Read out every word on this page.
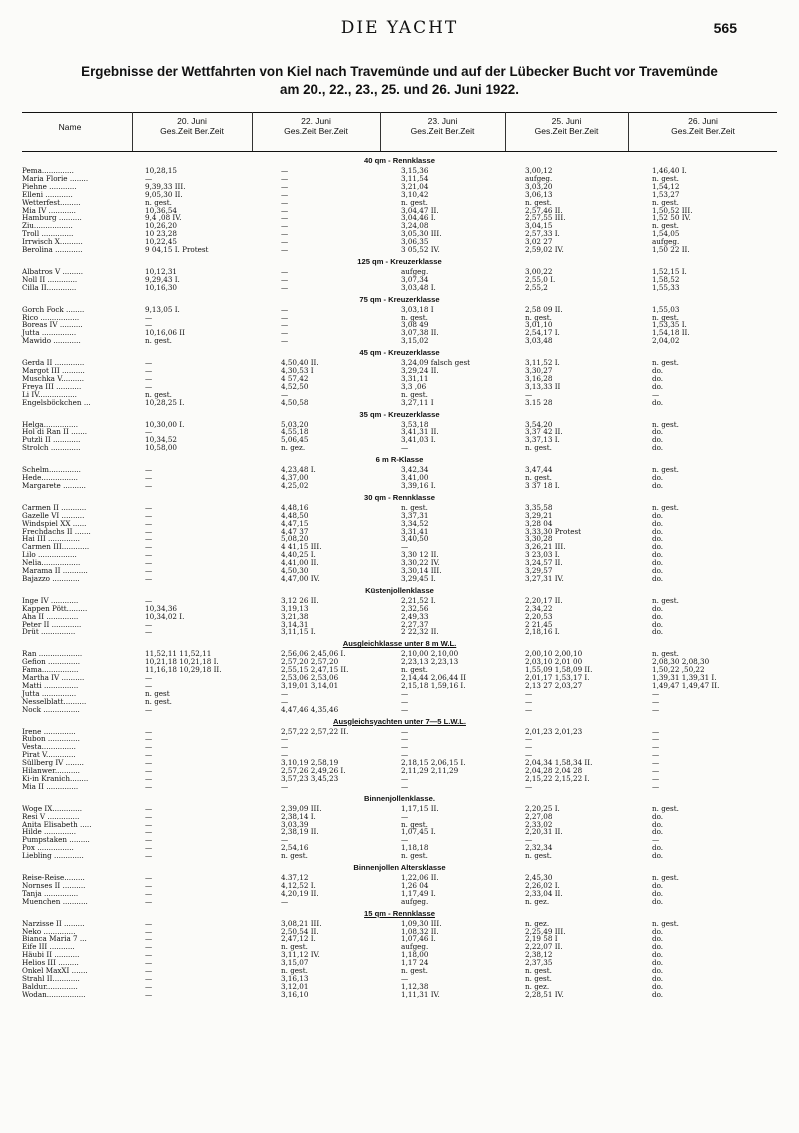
DIE YACHT	565
Ergebnisse der Wettfahrten von Kiel nach Travemünde und auf der Lübecker Bucht vor Travemünde
am 20., 22., 23., 25. und 26. Juni 1922.
Name
20. Juni
Ges.Zeit Ber.Zeit
22. Juni
Ges.Zeit Ber.Zeit
23. Juni
Ges.Zeit Ber.Zeit
25. Juni
Ges.Zeit Ber.Zeit
26. Juni
Ges.Zeit Ber.Zeit
40 qm - Rennklasse
Pema..............	10,28,15	—	3,15,36	3,00,12	1,46,40 I.
Maria Florie ........	—	—	3,11,54	aufgeg.	n. gest.
Piehne ............	9,39,33 III.	—	3,21,04	3,03,20	1,54,12
Elleni ............	9,05,30 II.	—	3,10,42	3,06,13	1,53,27
Wetterfest.........	n. gest.	—	n. gest.	n. gest.	n. gest.
Mia IV ............	10,36,54	—	3,04,47 II.	2,57,46 II.	1,50,52 III.
Hamburg ..........	9,4 ,08 IV.	—	3,04,46 I.	2,57,55 III.	1,52 50 IV.
Ziu.................	10,26,20	—	3,24,08	3,04,15	n. gest.
Troll ..............	10 23,28	—	3,05,30 III.	2,57,33 I.	1,54,05
Irrwisch X..........	10,22,45	—	3,06,35	3,02 27	aufgeg.
Berolina ............	9 04,15 I. Protest	—	3 05,52 IV.	2,59,02 IV.	1,50 22 II.
125 qm - Kreuzerklasse
Albatros V .........	10,12,31	—	aufgeg.	3,00,22	1,52,15 I.
Noll II .............	9,29,43 I.	—	3,07,34	2,55,0 I.	1,58,52
Cilla II.............	10,16,30	—	3,03,48 I.	2,55,2	1,55,33
75 qm - Kreuzerklasse
Gorch Fock ........	9,13,05 I.	—	3,03,18 I	2,58 09 II.	1,55,03
Rico .................	—	—	n. gest.	n. gest.	n. gest.
Boreas IV ..........	—	—	3,08 49	3,01,10	1,53,35 I.
Jutta ...............	10,16,06 II	—	3,07,38 II.	2,54,17 I.	1,54,18 II.
Mawido ............	n. gest.	—	3,15,02	3,03,48	2,04,02
45 qm - Kreuzerklasse
Gerda II .............	—	4,50,40 II.	3,24,09 falsch gest	3,11,52 I.	n. gest.
Margot III ..........	—	4,30,53 I	3,29,24 II.	3,30,27	do.
Muschka V..........	—	4 57,42	3,31,11	3,16,28	do.
Freya III ...........	—	4,52,50	3,3 ,06	3,13,33 II	do.
Li IV.................	n. gest.	—	n. gest.	—	—
Engelsböckchen ...	10,28,25 I.	4,50,58	3,27,11 I	3.15 28	do.
35 qm - Kreuzerklasse
Helga...............	10,30,00 I.	5,03,20	3,53,18	3,54,20	n. gest.
Hol di Ran II .......	—	4,55,18	3,41,31 II.	3,37 42 II.	do.
Putzli II ............	10,34,52	5,06,45	3,41,03 I.	3,37,13 I.	do.
Strolch .............	10,58,00	n. gez.	—	n. gest.	do.
6 m R-Klasse
Schelm..............	—	4,23,48 I.	3,42,34	3,47,44	n. gest.
Hede................	—	4,37,00	3,41,00	n. gest.	do.
Margarete ..........	—	4,25,02	3,39,16 I.	3 37 18 I.	do.
30 qm - Rennklasse
Carmen II ...........	—	4,48,16	n. gest.	3,35,58	n. gest.
Gazelle VI ..........	—	4,48,50	3,37,31	3,29,21	do.
Windspiel XX ......	—	4,47,15	3,34,52	3,28 04	do.
Frechdachs II .......	—	4,47 37	3,31,41	3,33,30 Protest	do.
Hai III ..............	—	5,08,20	3,40,50	3,30,28	do.
Carmen III............	—	4 41,15 III.	—	3,26,21 III.	do.
Lilo .................	—	4,40,25 I.	3,30 12 II.	3 23,03 I.	do.
Nelia.................	—	4,41,00 II.	3,30,22 IV.	3,24,57 II.	do.
Marama II ...........	—	4,50,30	3,30,14 III.	3,29,57	do.
Bajazzo ............	—	4,47,00 IV.	3,29,45 I.	3,27,31 IV.	do.
Küstenjollenklasse
Inge IV ............	—	3,12 26 II.	2,21,52 I.	2,20,17 II.	n. gest.
Kappen Pött.........	10,34,36	3,19,13	2,32,56	2,34,22	do.
Aha II ..............	10,34,02 I.	3,21,38	2,49,33	2,20,53	do.
Peter II .............	—	3,14,31	2,27,37	2 21,45	do.
Drüt ...............	—	3,11,15 I.	2 22,32 II.	2,18,16 I.	do.
Ausgleichklasse unter 8 m W.L.
Ran ...................	11,52,11 11,52,11	2,56,06 2,45,06 I.	2,10,00 2,10,00	2,00,10 2,00,10	n. gest.
Gefion ..............	10,21,18 10,21,18 I.	2,57,20 2,57,20	2,23,13 2,23,13	2,03,10 2,01 00	2,08,30 2,08,30
Fama................	11,16,18 10,29,18 II.	2,55,15 2,47,15 II.	n. gest.	1,55,09 1,58,09 II.	1,50,22 ,50,22
Martha IV ..........	—	2,53,06 2,53,06	2,14,44 2,06,44 II	2,01,17 1,53,17 I.	1,39,31 1,39,31 I.
Matti ...............	—	3,19,01 3,14,01	2,15,18 1,59,16 I.	2,13 27 2,03,27	1,49,47 1,49,47 II.
Jutta ...............	n. gest	—	—	—	—
Nesselblatt..........	n. gest.	—	—	—	—
Nock ................	—	4,47,46 4,35,46	—	—	—
Ausgleichsyachten unter 7—5 L.W.L.
Irene ..............	—	2,57,22 2,57,22 II.	—	2,01,23 2,01,23	—
Rubon ..............	—	—	—	—	—
Vesta...............	—	—	—	—	—
Pirat V.............	—	—	—	—	—
Süllberg IV ........	—	3,10,19 2,58,19	2,18,15 2,06,15 I.	2,04,34 1,58,34 II.	—
Hilanwer...........	—	2,57,26 2,49,26 I.	2,11,29 2,11,29	2,04,28 2,04 28	—
Ki-in Kranich........	—	3,57,23 3,45,23	—	2,15,22 2,15,22 I.	—
Mia II ..............	—	—	—	—	—
Binnenjollenklasse.
Woge IX.............	—	2,39,09 III.	1,17,15 II.	2,20,25 I.	n. gest.
Resi V ..............	—	2,38,14 I.	—	2,27,08	do.
Anita Elisabeth .....	—	3,03,39	n. gest.	2,33,02	do.
Hilde ..............	—	2,38,19 II.	1,07,45 I.	2,20,31 II.	do.
Pumpstaken .........	—	—	—	—	—
Pox ................	—	2,54,16	1,18,18	2,32,34	do.
Liebling .............	—	n. gest.	n. gest.	n. gest.	do.
Binnenjollen Altersklasse
Reise-Reise.........	—	4.37,12	1,22,06 II.	2,45,30	n. gest.
Nornses II ..........	—	4,12,52 I.	1,26 04	2,26,02 I.	do.
Tanja ...............	—	4,20,19 II.	1,17,49 I.	2,33,04 II.	do.
Muenchen ...........	—	—	aufgeg.	n. gez.	do.
15 qm - Rennklasse
Narzisse II .........	—	3,08,21 III.	1,09,30 III.	n. gez.	n. gest.
Neko ..............	—	2,50,54 II.	1,08,32 II.	2,25,49 III.	do.
Bianca Maria 7 ...	—	2,47,12 I.	1,07,46 I.	2,19 58 I	do.
Eife III ...........	—	n. gest.	aufgeg.	2,22,07 II.	do.
Häubi II ...........	—	3,11,12 IV.	1,18,00	2,38,12	do.
Helios III .........	—	3,15,07	1,17 24	2,37,35	do.
Onkel MaxXI .......	—	n. gest.	n. gest.	n. gest.	do.
Strahl II............	—	3,16,13	—	n. gest.	do.
Baldur..............	—	3,12,01	1,12,38	n. gez.	do.
Wodan.................	—	3,16,10	1,11,31 IV.	2,28,51 IV.	do.
